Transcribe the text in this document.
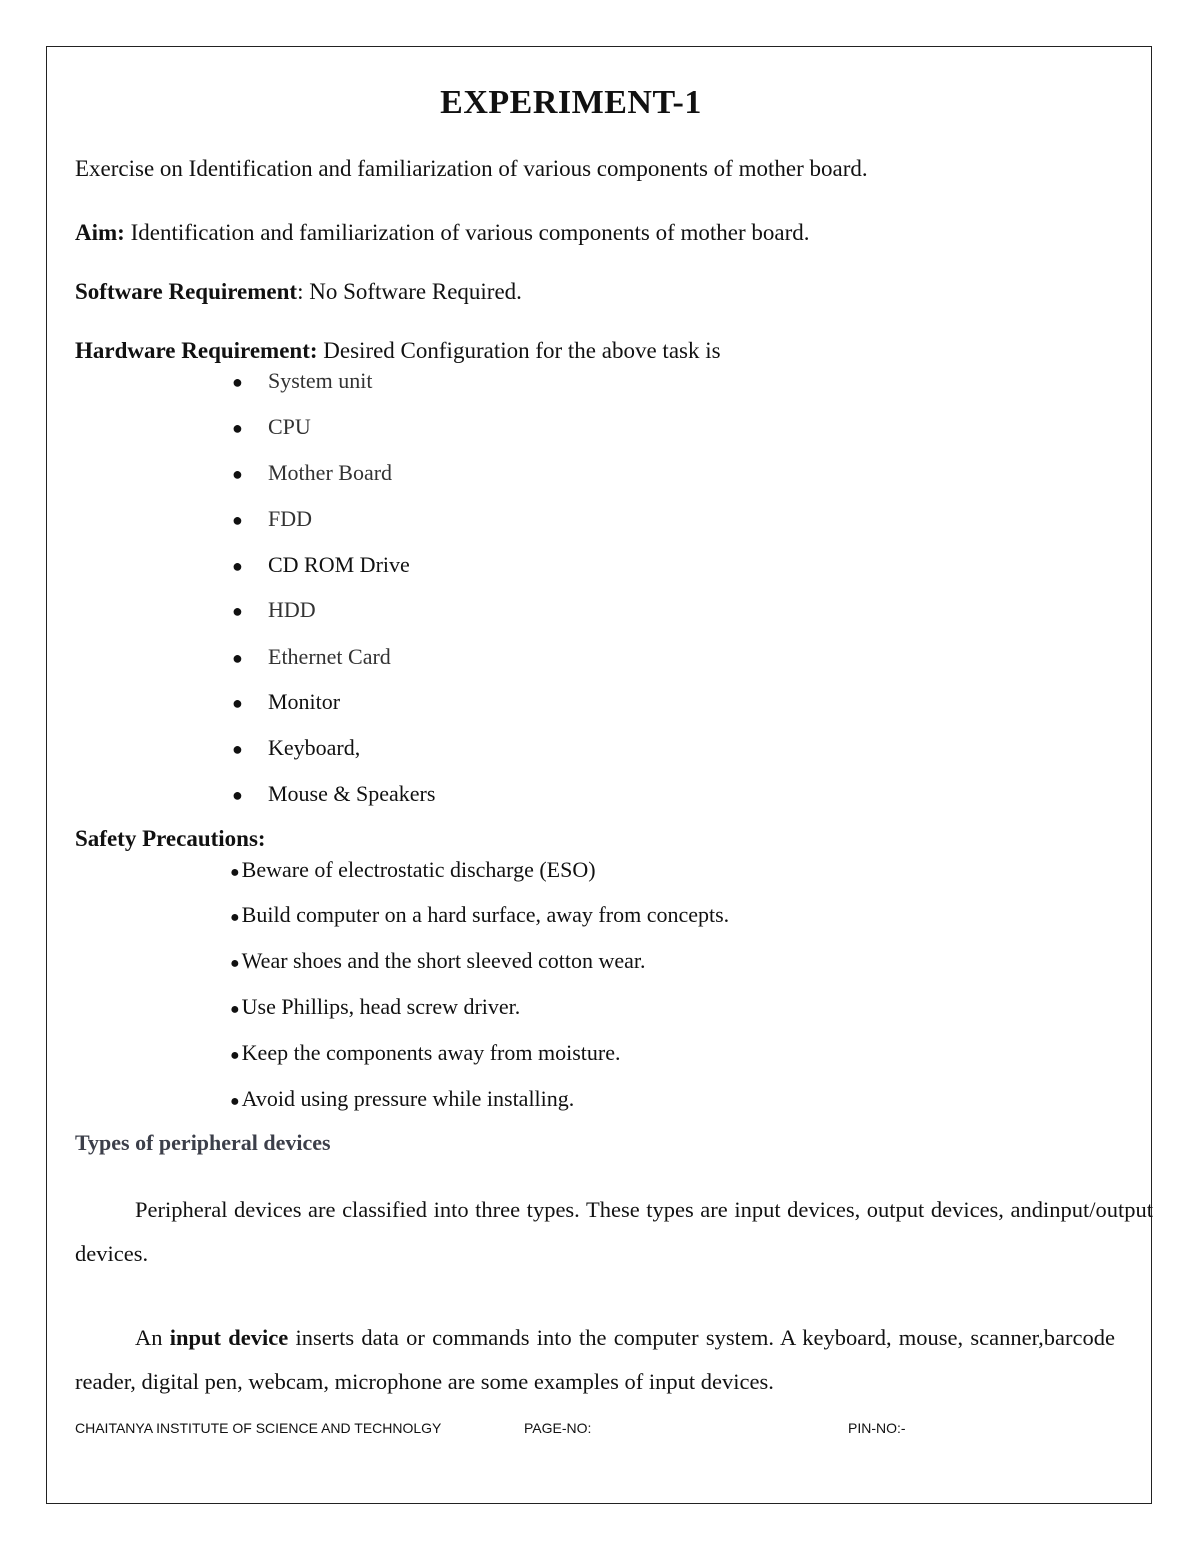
EXPERIMENT-1
Exercise on Identification and familiarization of various components of mother board.
Aim: Identification and familiarization of various components of mother board.
Software Requirement: No Software Required.
Hardware Requirement: Desired Configuration for the above task is
● System unit
● CPU
● Mother Board
● FDD
● CD ROM Drive
● HDD
● Ethernet Card
● Monitor
● Keyboard,
● Mouse & Speakers
Safety Precautions:
●Beware of electrostatic discharge (ESO)
●Build computer on a hard surface, away from concepts.
●Wear shoes and the short sleeved cotton wear.
●Use Phillips, head screw driver.
●Keep the components away from moisture.
●Avoid using pressure while installing.
Types of peripheral devices
Peripheral devices are classified into three types. These types are input devices, output devices, andinput/output devices.
An input device inserts data or commands into the computer system. A keyboard, mouse, scanner,barcode reader, digital pen, webcam, microphone are some examples of input devices.
CHAITANYA INSTITUTE OF SCIENCE AND TECHNOLGY	PAGE-NO:	PIN-NO:-
